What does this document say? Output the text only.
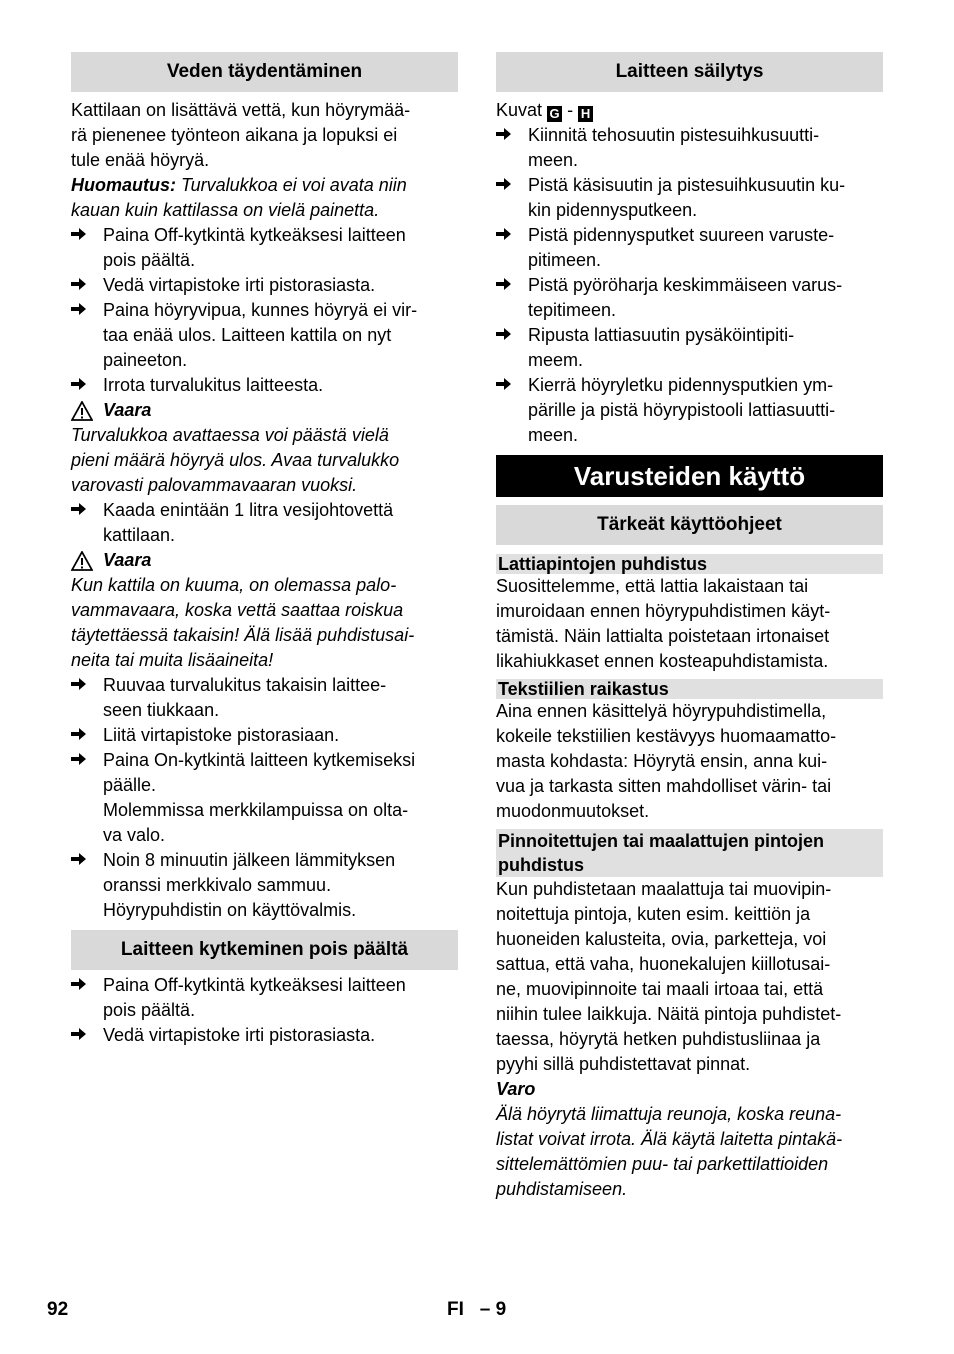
Veden täydentäminen
Kattilaan on lisättävä vettä, kun höyrymää-
rä pienenee työnteon aikana ja lopuksi ei
tule enää höyryä.
Huomautus: Turvalukkoa ei voi avata niin
kauan kuin kattilassa on vielä painetta.
Paina Off-kytkintä kytkeäksesi laitteen
pois päältä.
Vedä virtapistoke irti pistorasiasta.
Paina höyryvipua, kunnes höyryä ei vir-
taa enää ulos. Laitteen kattila on nyt
paineeton.
Irrota turvalukitus laitteesta.
Vaara
Turvalukkoa avattaessa voi päästä vielä
pieni määrä höyryä ulos. Avaa turvalukko
varovasti palovammavaaran vuoksi.
Kaada enintään 1 litra vesijohtovettä
kattilaan.
Vaara
Kun kattila on kuuma, on olemassa palo-
vammavaara, koska vettä saattaa roiskua
täytettäessä takaisin! Älä lisää puhdistusai-
neita tai muita lisäaineita!
Ruuvaa turvalukitus takaisin laittee-
seen tiukkaan.
Liitä virtapistoke pistorasiaan.
Paina On-kytkintä laitteen kytkemiseksi
päälle.
Molemmissa merkkilampuissa on olta-
va valo.
Noin 8 minuutin jälkeen lämmityksen
oranssi merkkivalo sammuu.
Höyrypuhdistin on käyttövalmis.
Laitteen kytkeminen pois päältä
Paina Off-kytkintä kytkeäksesi laitteen
pois päältä.
Vedä virtapistoke irti pistorasiasta.
Laitteen säilytys
Kuvat G - H
Kiinnitä tehosuutin pistesuihkusuutti-
meen.
Pistä käsisuutin ja pistesuihkusuutin ku-
kin pidennysputkeen.
Pistä pidennysputket suureen varuste-
pitimeen.
Pistä pyöröharja keskimmäiseen varus-
tepitimeen.
Ripusta lattiasuutin pysäköintipiti-
meem.
Kierrä höyryletku pidennysputkien ym-
pärille ja pistä höyrypistooli lattiasuutti-
meen.
Varusteiden käyttö
Tärkeät käyttöohjeet
Lattiapintojen puhdistus
Suosittelemme, että lattia lakaistaan tai
imuroidaan ennen höyrypuhdistimen käyt-
tämistä. Näin lattialta poistetaan irtonaiset
likahiukkaset ennen kosteapuhdistamista.
Tekstiilien raikastus
Aina ennen käsittelyä höyrypuhdistimella,
kokeile tekstiilien kestävyys huomaamatto-
masta kohdasta: Höyrytä ensin, anna kui-
vua ja tarkasta sitten mahdolliset värin- tai
muodonmuutokset.
Pinnoitettujen tai maalattujen pintojen
puhdistus
Kun puhdistetaan maalattuja tai muovipin-
noitettuja pintoja, kuten esim. keittiön ja
huoneiden kalusteita, ovia, parketteja, voi
sattua, että vaha, huonekalujen kiillotusai-
ne, muovipinnoite tai maali irtoaa tai, että
niihin tulee laikkuja. Näitä pintoja puhdistet-
taessa, höyrytä hetken puhdistusliinaa ja
pyyhi sillä puhdistettavat pinnat.
Varo
Älä höyrytä liimattuja reunoja, koska reuna-
listat voivat irrota. Älä käytä laitetta pintakä-
sittelemättömien puu- tai parkettilattioiden
puhdistamiseen.
92	FI – 9
